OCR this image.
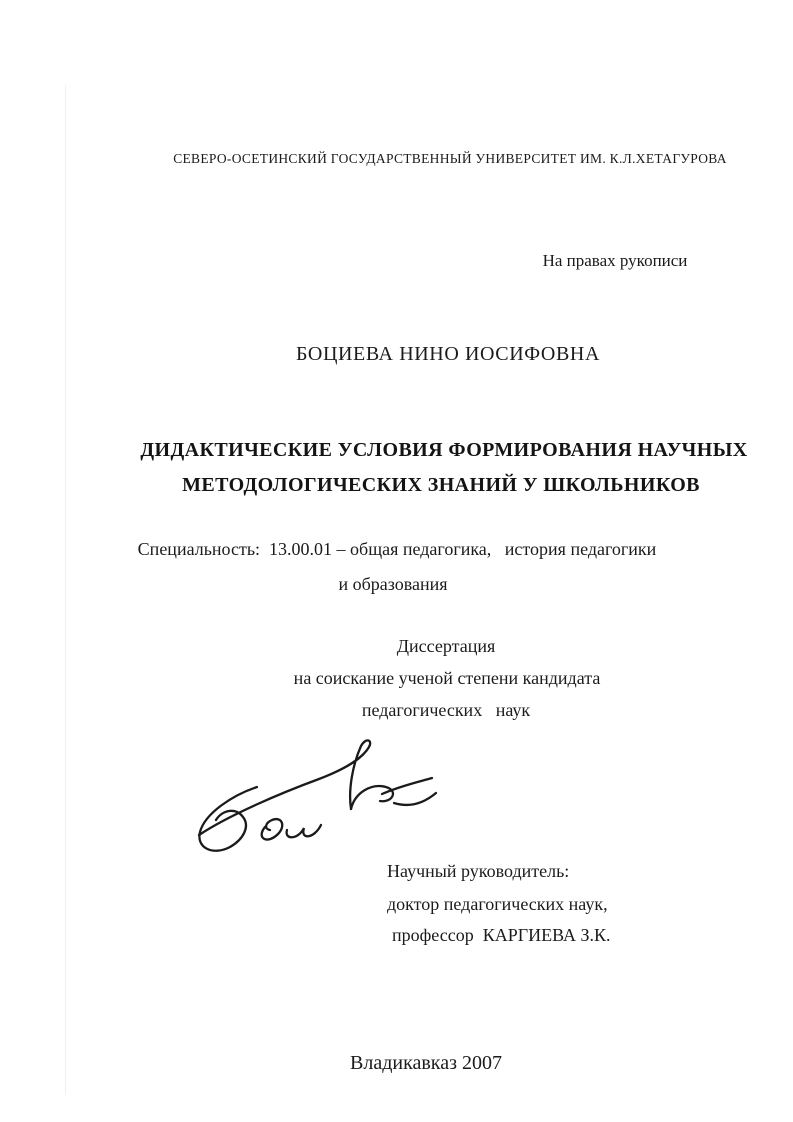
СЕВЕРО-ОСЕТИНСКИЙ ГОСУДАРСТВЕННЫЙ УНИВЕРСИТЕТ ИМ. К.Л.ХЕТАГУРОВА
На правах рукописи
БОЦИЕВА НИНО ИОСИФОВНА
ДИДАКТИЧЕСКИЕ УСЛОВИЯ ФОРМИРОВАНИЯ НАУЧНЫХ
МЕТОДОЛОГИЧЕСКИХ ЗНАНИЙ У ШКОЛЬНИКОВ
Специальность:  13.00.01 – общая педагогика,   история педагогики
и образования
Диссертация
на соискание ученой степени кандидата
педагогических   наук
Научный руководитель:
доктор педагогических наук,
профессор  КАРГИЕВА З.К.
Владикавказ 2007
